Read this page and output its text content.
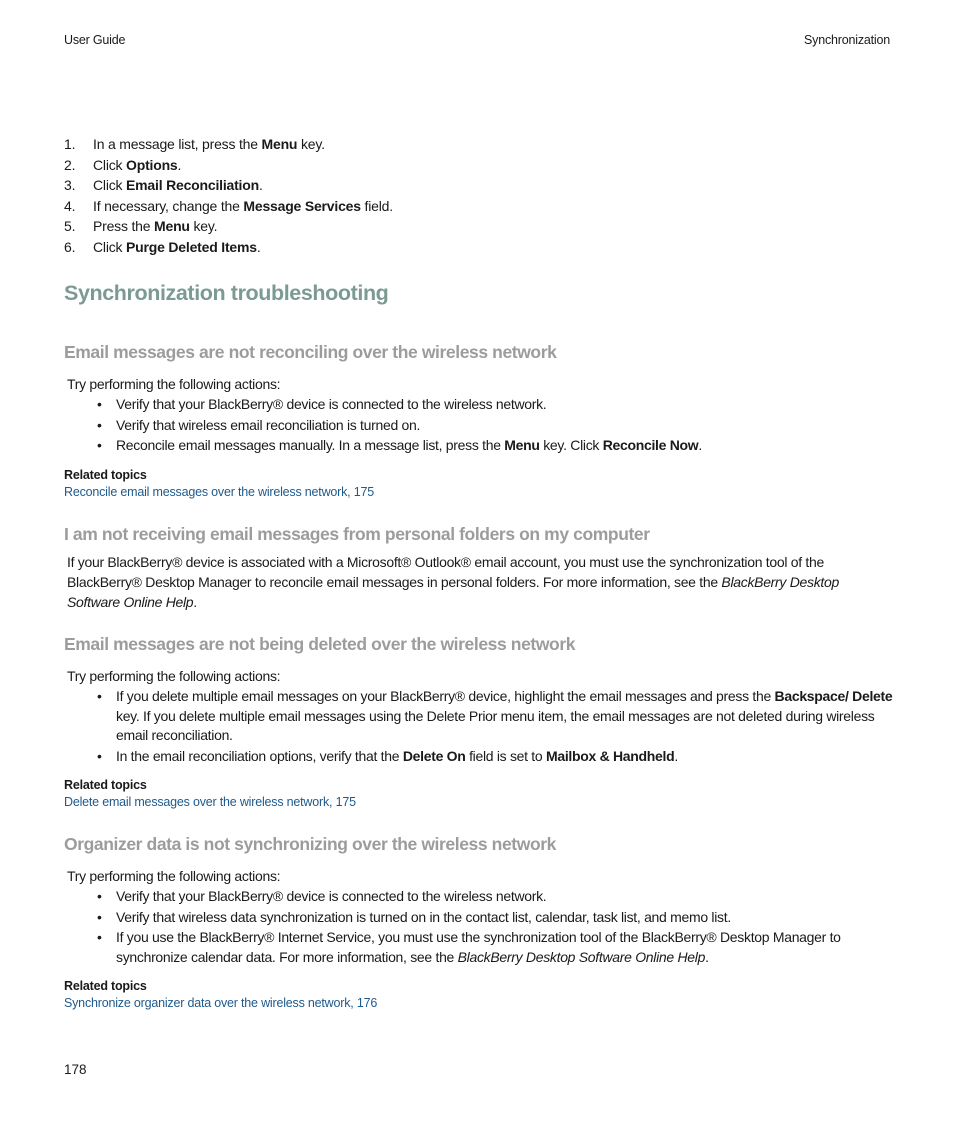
User Guide	Synchronization
1. In a message list, press the Menu key.
2. Click Options.
3. Click Email Reconciliation.
4. If necessary, change the Message Services field.
5. Press the Menu key.
6. Click Purge Deleted Items.
Synchronization troubleshooting
Email messages are not reconciling over the wireless network
Try performing the following actions:
• Verify that your BlackBerry® device is connected to the wireless network.
• Verify that wireless email reconciliation is turned on.
• Reconcile email messages manually. In a message list, press the Menu key. Click Reconcile Now.
Related topics
Reconcile email messages over the wireless network, 175
I am not receiving email messages from personal folders on my computer
If your BlackBerry® device is associated with a Microsoft® Outlook® email account, you must use the synchronization tool of the BlackBerry® Desktop Manager to reconcile email messages in personal folders. For more information, see the BlackBerry Desktop Software Online Help.
Email messages are not being deleted over the wireless network
Try performing the following actions:
• If you delete multiple email messages on your BlackBerry® device, highlight the email messages and press the Backspace/ Delete key. If you delete multiple email messages using the Delete Prior menu item, the email messages are not deleted during wireless email reconciliation.
• In the email reconciliation options, verify that the Delete On field is set to Mailbox & Handheld.
Related topics
Delete email messages over the wireless network, 175
Organizer data is not synchronizing over the wireless network
Try performing the following actions:
• Verify that your BlackBerry® device is connected to the wireless network.
• Verify that wireless data synchronization is turned on in the contact list, calendar, task list, and memo list.
• If you use the BlackBerry® Internet Service, you must use the synchronization tool of the BlackBerry® Desktop Manager to synchronize calendar data. For more information, see the BlackBerry Desktop Software Online Help.
Related topics
Synchronize organizer data over the wireless network, 176
178
